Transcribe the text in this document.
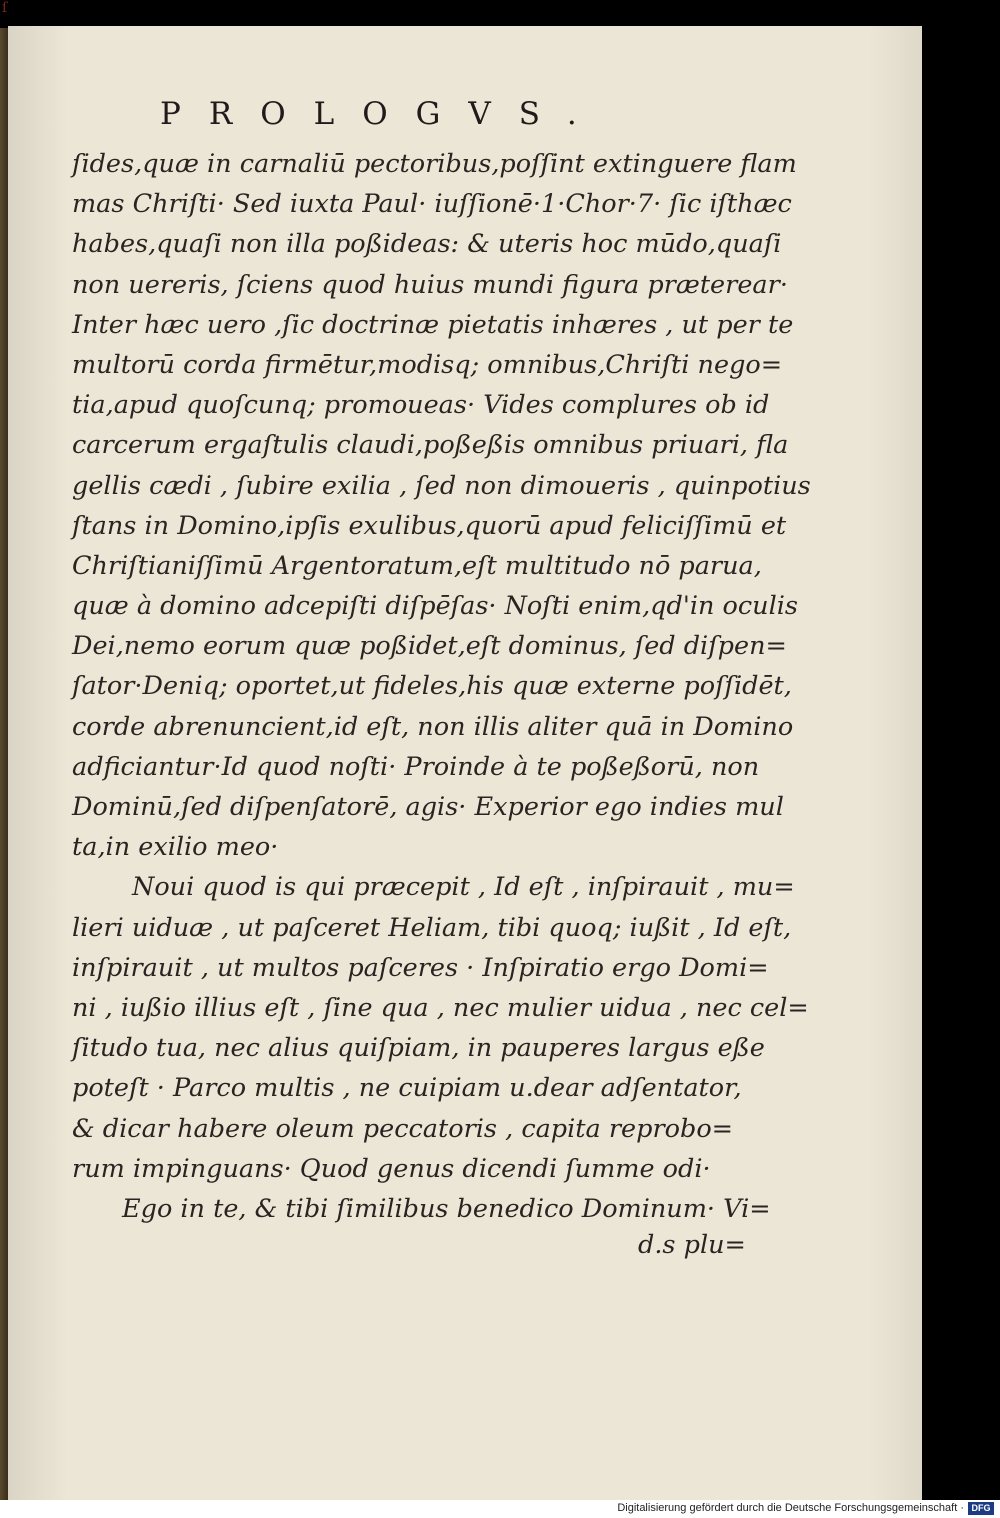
ſ
PROLOGVS.
ſides,quæ in carnaliū pectoribus,poſſint extinguere flam
mas Chriſti· Sed iuxta Paul· iuſſionē·1·Chor·7· ſic iſthæc
habes,quaſi non illa poßideas: & uteris hoc mūdo,quaſi
non uereris, ſciens quod huius mundi figura præterear·
Inter hæc uero ,ſic doctrinæ pietatis inhæres , ut per te
multorū corda firmētur,modisq; omnibus,Chriſti nego=
tia,apud quoſcunq; promoueas· Vides complures ob id
carcerum ergaſtulis claudi,poßeßis omnibus priuari, fla
gellis cædi , ſubire exilia , ſed non dimoueris , quinpotius
ſtans in Domino,ipſis exulibus,quorū apud feliciſſimū et
Chriſtianiſſimū Argentoratum,eſt multitudo nō parua,
quæ à domino adcepiſti diſpēſas· Noſti enim,qd'in oculis
Dei,nemo eorum quæ poßidet,eſt dominus, ſed diſpen=
ſator·Deniq; oportet,ut fideles,his quæ externe poſſidēt,
corde abrenuncient,id eſt, non illis aliter quā in Domino
adficiantur·Id quod noſti· Proinde à te poßeßorū, non
Dominū,ſed diſpenſatorē, agis· Experior ego indies mul
ta,in exilio meo·
Noui quod is qui præcepit , Id eſt , inſpirauit , mu=
lieri uiduæ , ut paſceret Heliam, tibi quoq; iußit , Id eſt,
inſpirauit , ut multos paſceres · Inſpiratio ergo Domi=
ni , iußio illius eſt , ſine qua , nec mulier uidua , nec cel=
ſitudo tua, nec alius quiſpiam, in pauperes largus eße
poteſt · Parco multis , ne cuipiam u.dear adſentator,
& dicar habere oleum peccatoris , capita reprobo=
rum impinguans· Quod genus dicendi ſumme odi·
Ego in te, & tibi ſimilibus benedico Dominum· Vi=
d.s plu=
Digitalisierung gefördert durch die Deutsche Forschungsgemeinschaft · DFG
